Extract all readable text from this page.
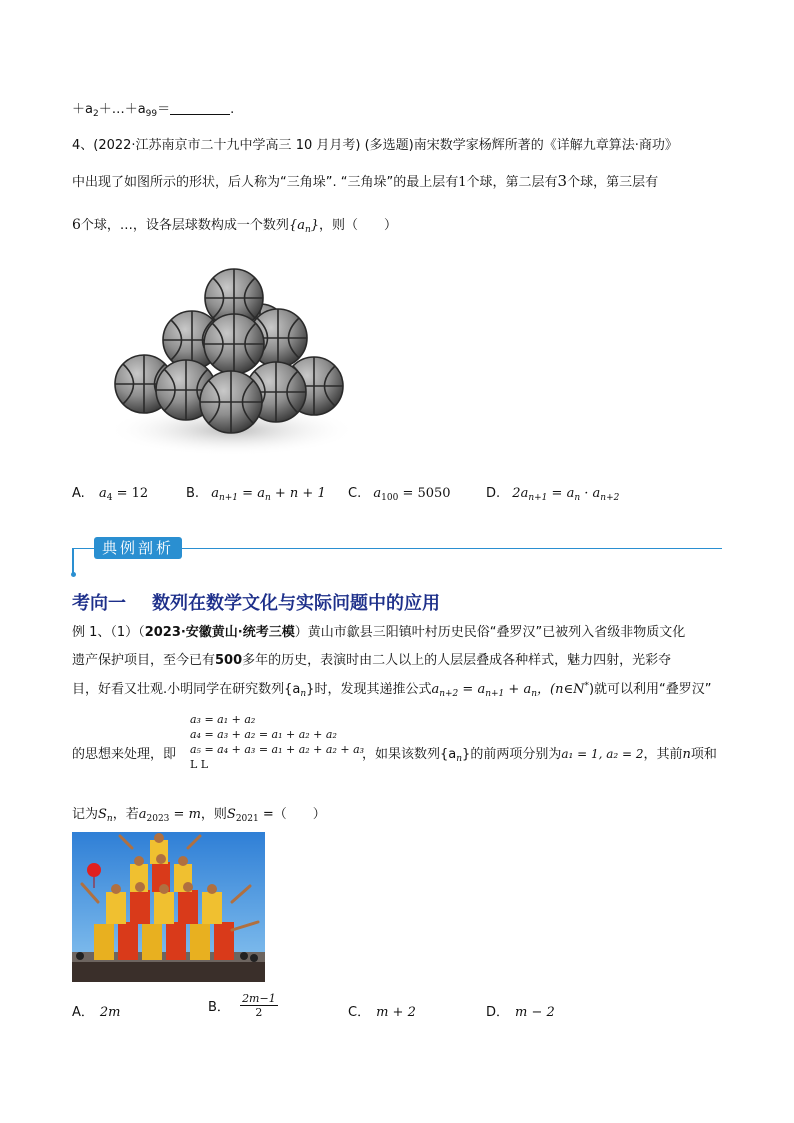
$+a_2+\dots+a_{99}=$	.
4、(2022·江苏南京市二十九中学高三 10 月月考) (多选题)南宋数学家杨辉所著的《详解九章算法·商功》
中出现了如图所示的形状，后人称为“三角垛”. “三角垛”的最上层有1个球，第二层有3个球，第三层有
6个球，…，设各层球数构成一个数列$\{a_n\}$，则（　　）
A. $a_4 = 12$	B. $a_{n+1} = a_n + n + 1$ C. $a_{100} = 5050$	D. $2a_{n+1} = a_n \cdot a_{n+2}$
典例剖析
考向一 数列在数学文化与实际问题中的应用
例 1、（1）（2023·安徽黄山·统考三模）黄山市歙县三阳镇叶村历史民俗“叠罗汉”已被列入省级非物质文化
遗产保护项目，至今已有500多年的历史，表演时由二人以上的人层层叠成各种样式，魅力四射，光彩夺
目，好看又壮观.小明同学在研究数列$\{a_n\}$时，发现其递推公式$a_{n+2} = a_{n+1} + a_n$，(n∈N*)就可以利用“叠罗汉”
a₃ = a₁ + a₂
a₄ = a₃ + a₂ = a₁ + a₂ + a₂
a₅ = a₄ + a₃ = a₁ + a₂ + a₂ + a₃
L L
的思想来处理，即	，如果该数列$\{a_n\}$的前两项分别为a₁ = 1, a₂ = 2，其前n项和
记为$S_n$，若$a_{2023} = m$，则$S_{2021}$ =（　　）
A． 2m	B． $\frac{2m-1}{2}$	C． m + 2	D． m − 2
